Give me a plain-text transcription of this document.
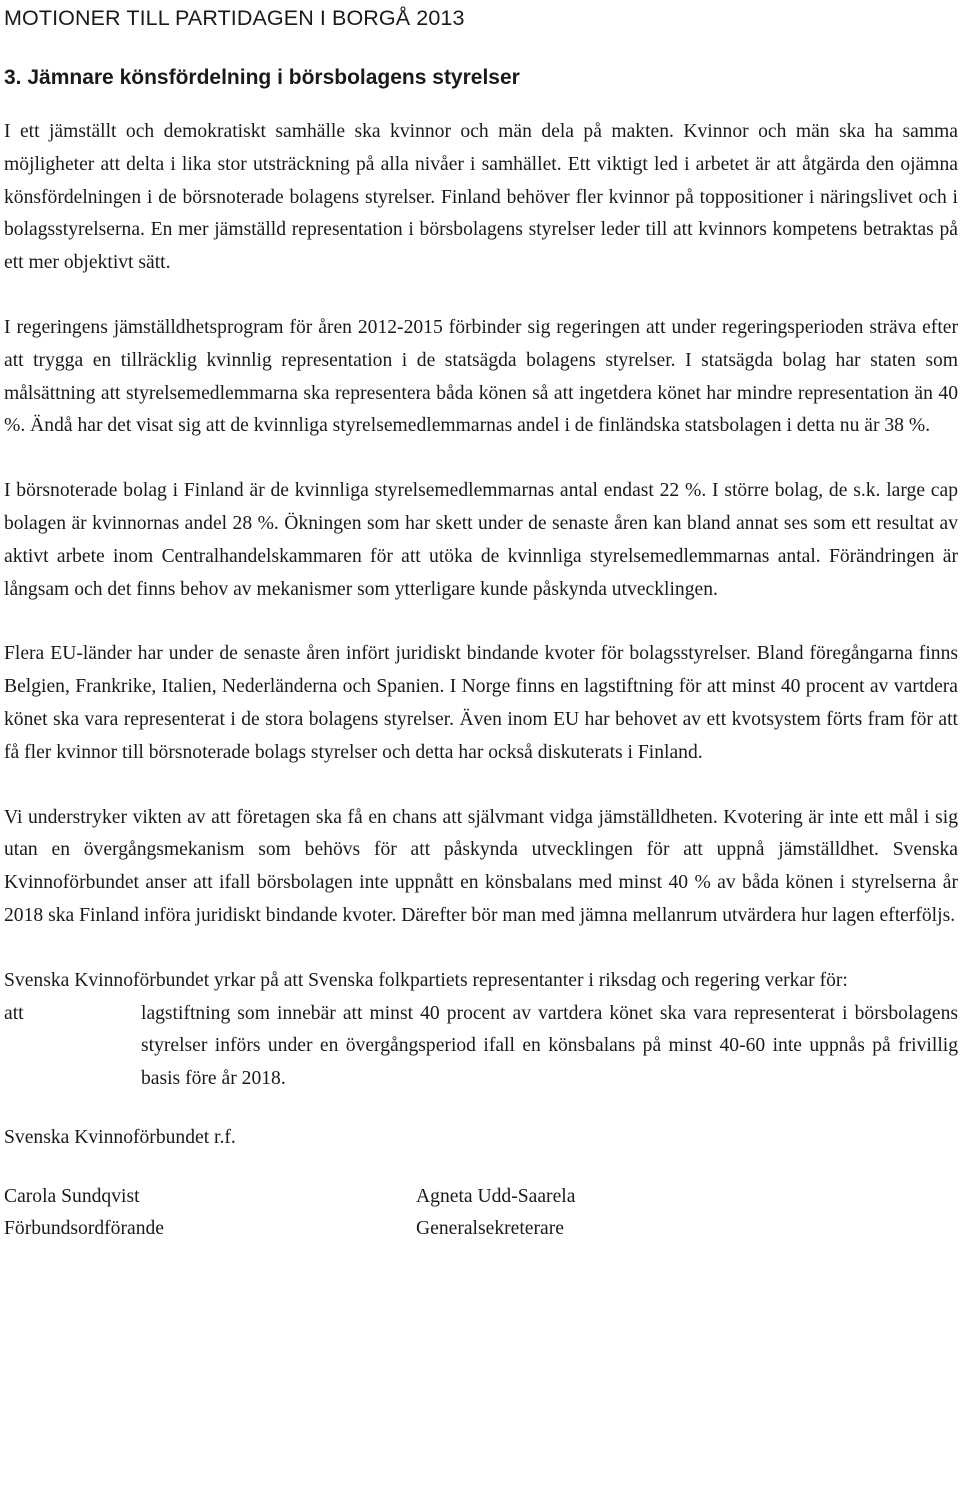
MOTIONER TILL PARTIDAGEN I BORGÅ 2013
3. Jämnare könsfördelning i börsbolagens styrelser

I ett jämställt och demokratiskt samhälle ska kvinnor och män dela på makten. Kvinnor och män ska ha samma möjligheter att delta i lika stor utsträckning på alla nivåer i samhället. Ett viktigt led i arbetet är att åtgärda den ojämna könsfördelningen i de börsnoterade bolagens styrelser. Finland behöver fler kvinnor på toppositioner i näringslivet och i bolagsstyrelserna. En mer jämställd representation i börsbolagens styrelser leder till att kvinnors kompetens betraktas på ett mer objektivt sätt.

I regeringens jämställdhetsprogram för åren 2012-2015 förbinder sig regeringen att under regeringsperioden sträva efter att trygga en tillräcklig kvinnlig representation i de statsägda bolagens styrelser. I statsägda bolag har staten som målsättning att styrelsemedlemmarna ska representera båda könen så att ingetdera könet har mindre representation än 40 %. Ändå har det visat sig att de kvinnliga styrelsemedlemmarnas andel i de finländska statsbolagen i detta nu är 38 %.

I börsnoterade bolag i Finland är de kvinnliga styrelsemedlemmarnas antal endast 22 %. I större bolag, de s.k. large cap bolagen är kvinnornas andel 28 %. Ökningen som har skett under de senaste åren kan bland annat ses som ett resultat av aktivt arbete inom Centralhandelskammaren för att utöka de kvinnliga styrelsemedlemmarnas antal. Förändringen är långsam och det finns behov av mekanismer som ytterligare kunde påskynda utvecklingen.

Flera EU-länder har under de senaste åren infört juridiskt bindande kvoter för bolagsstyrelser. Bland föregångarna finns Belgien, Frankrike, Italien, Nederländerna och Spanien. I Norge finns en lagstiftning för att minst 40 procent av vartdera könet ska vara representerat i de stora bolagens styrelser. Även inom EU har behovet av ett kvotsystem förts fram för att få fler kvinnor till börsnoterade bolags styrelser och detta har också diskuterats i Finland.

Vi understryker vikten av att företagen ska få en chans att självmant vidga jämställdheten. Kvotering är inte ett mål i sig utan en övergångsmekanism som behövs för att påskynda utvecklingen för att uppnå jämställdhet. Svenska Kvinnoförbundet anser att ifall börsbolagen inte uppnått en könsbalans med minst 40 % av båda könen i styrelserna år 2018 ska Finland införa juridiskt bindande kvoter. Därefter bör man med jämna mellanrum utvärdera hur lagen efterföljs.

Svenska Kvinnoförbundet yrkar på att Svenska folkpartiets representanter i riksdag och regering verkar för:

att	lagstiftning som innebär att minst 40 procent av vartdera könet ska vara representerat i börsbolagens styrelser införs under en övergångsperiod ifall en könsbalans på minst 40-60 inte uppnås på frivillig basis före år 2018.
Svenska Kvinnoförbundet r.f.
Carola Sundqvist
Förbundsordförande
Agneta Udd-Saarela
Generalsekreterare
